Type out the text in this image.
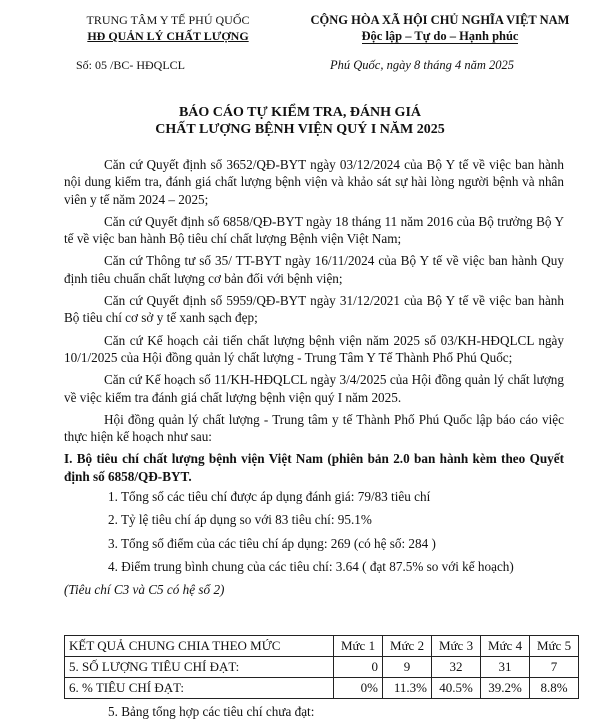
TRUNG TÂM Y TẾ PHÚ QUỐC
HĐ QUẢN LÝ CHẤT LƯỢNG
Số: 05 /BC- HĐQLCL
CỘNG HÒA XÃ HỘI CHỦ NGHĨA VIỆT NAM
Độc lập – Tự do – Hạnh phúc
Phú Quốc, ngày 8 tháng 4 năm 2025
BÁO CÁO TỰ KIỂM TRA, ĐÁNH GIÁ
CHẤT LƯỢNG BỆNH VIỆN QUÝ I NĂM 2025

Căn cứ Quyết định số 3652/QĐ-BYT ngày 03/12/2024 của Bộ Y tế về việc ban hành nội dung kiểm tra, đánh giá chất lượng bệnh viện và khảo sát sự hài lòng người bệnh và nhân viên y tế năm 2024 – 2025;

Căn cứ Quyết định số 6858/QĐ-BYT ngày 18 tháng 11 năm 2016 của Bộ trưởng Bộ Y tế về việc ban hành Bộ tiêu chí chất lượng Bệnh viện Việt Nam;

Căn cứ Thông tư số 35/ TT-BYT ngày 16/11/2024 của Bộ Y tế về việc ban hành Quy định tiêu chuẩn chất lượng cơ bản đối với bệnh viện;

Căn cứ Quyết định số 5959/QĐ-BYT ngày 31/12/2021 của Bộ Y tế về việc ban hành Bộ tiêu chí cơ sở y tế xanh sạch đẹp;

Căn cứ Kế hoạch cải tiến chất lượng bệnh viện năm 2025 số 03/KH-HĐQLCL ngày 10/1/2025 của Hội đồng quản lý chất lượng - Trung Tâm Y Tế Thành Phố Phú Quốc;

Căn cứ Kế hoạch số 11/KH-HĐQLCL ngày 3/4/2025 của Hội đồng quản lý chất lượng về việc kiểm tra đánh giá chất lượng bệnh viện quý I năm 2025.

Hội đồng quản lý chất lượng - Trung tâm y tế Thành Phố Phú Quốc lập báo cáo việc thực hiện kế hoạch như sau:

I. Bộ tiêu chí chất lượng bệnh viện Việt Nam (phiên bản 2.0 ban hành kèm theo Quyết định số 6858/QĐ-BYT.

1. Tổng số các tiêu chí được áp dụng đánh giá: 79/83 tiêu chí

2. Tỷ lệ tiêu chí áp dụng so với 83 tiêu chí: 95.1%

3. Tổng số điểm của các tiêu chí áp dụng: 269 (có hệ số: 284 )

4. Điểm trung bình chung của các tiêu chí: 3.64 ( đạt 87.5% so với kế hoạch)

(Tiêu chí C3 và C5 có hệ số 2)

KẾT QUẢ CHUNG CHIA THEO MỨC	Mức 1	Mức 2	Mức 3	Mức 4	Mức 5
5. SỐ LƯỢNG TIÊU CHÍ ĐẠT:	0	9	32	31	7
6. % TIÊU CHÍ ĐẠT:	0%	11.3%	40.5%	39.2%	8.8%
5. Bảng tổng hợp các tiêu chí chưa đạt:
